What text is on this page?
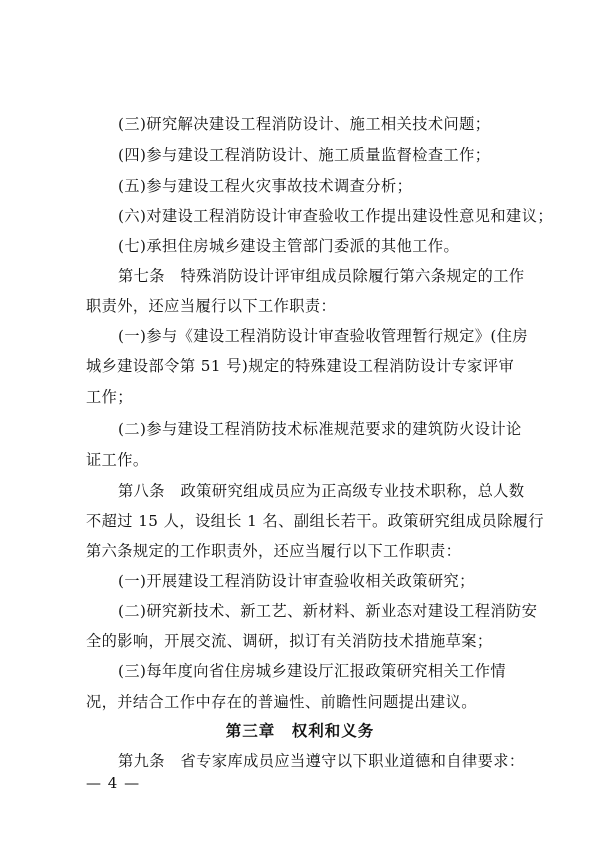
(三)研究解决建设工程消防设计、施工相关技术问题；
(四)参与建设工程消防设计、施工质量监督检查工作；
(五)参与建设工程火灾事故技术调查分析；
(六)对建设工程消防设计审查验收工作提出建设性意见和建议；
(七)承担住房城乡建设主管部门委派的其他工作。
第七条　特殊消防设计评审组成员除履行第六条规定的工作
职责外，还应当履行以下工作职责：
(一)参与《建设工程消防设计审查验收管理暂行规定》(住房
城乡建设部令第 51 号)规定的特殊建设工程消防设计专家评审
工作；
(二)参与建设工程消防技术标准规范要求的建筑防火设计论
证工作。
第八条　政策研究组成员应为正高级专业技术职称，总人数
不超过 15 人，设组长 1 名、副组长若干。政策研究组成员除履行
第六条规定的工作职责外，还应当履行以下工作职责：
(一)开展建设工程消防设计审查验收相关政策研究；
(二)研究新技术、新工艺、新材料、新业态对建设工程消防安
全的影响，开展交流、调研，拟订有关消防技术措施草案；
(三)每年度向省住房城乡建设厅汇报政策研究相关工作情
况，并结合工作中存在的普遍性、前瞻性问题提出建议。
第三章　权利和义务
第九条　省专家库成员应当遵守以下职业道德和自律要求：
— 4 —
